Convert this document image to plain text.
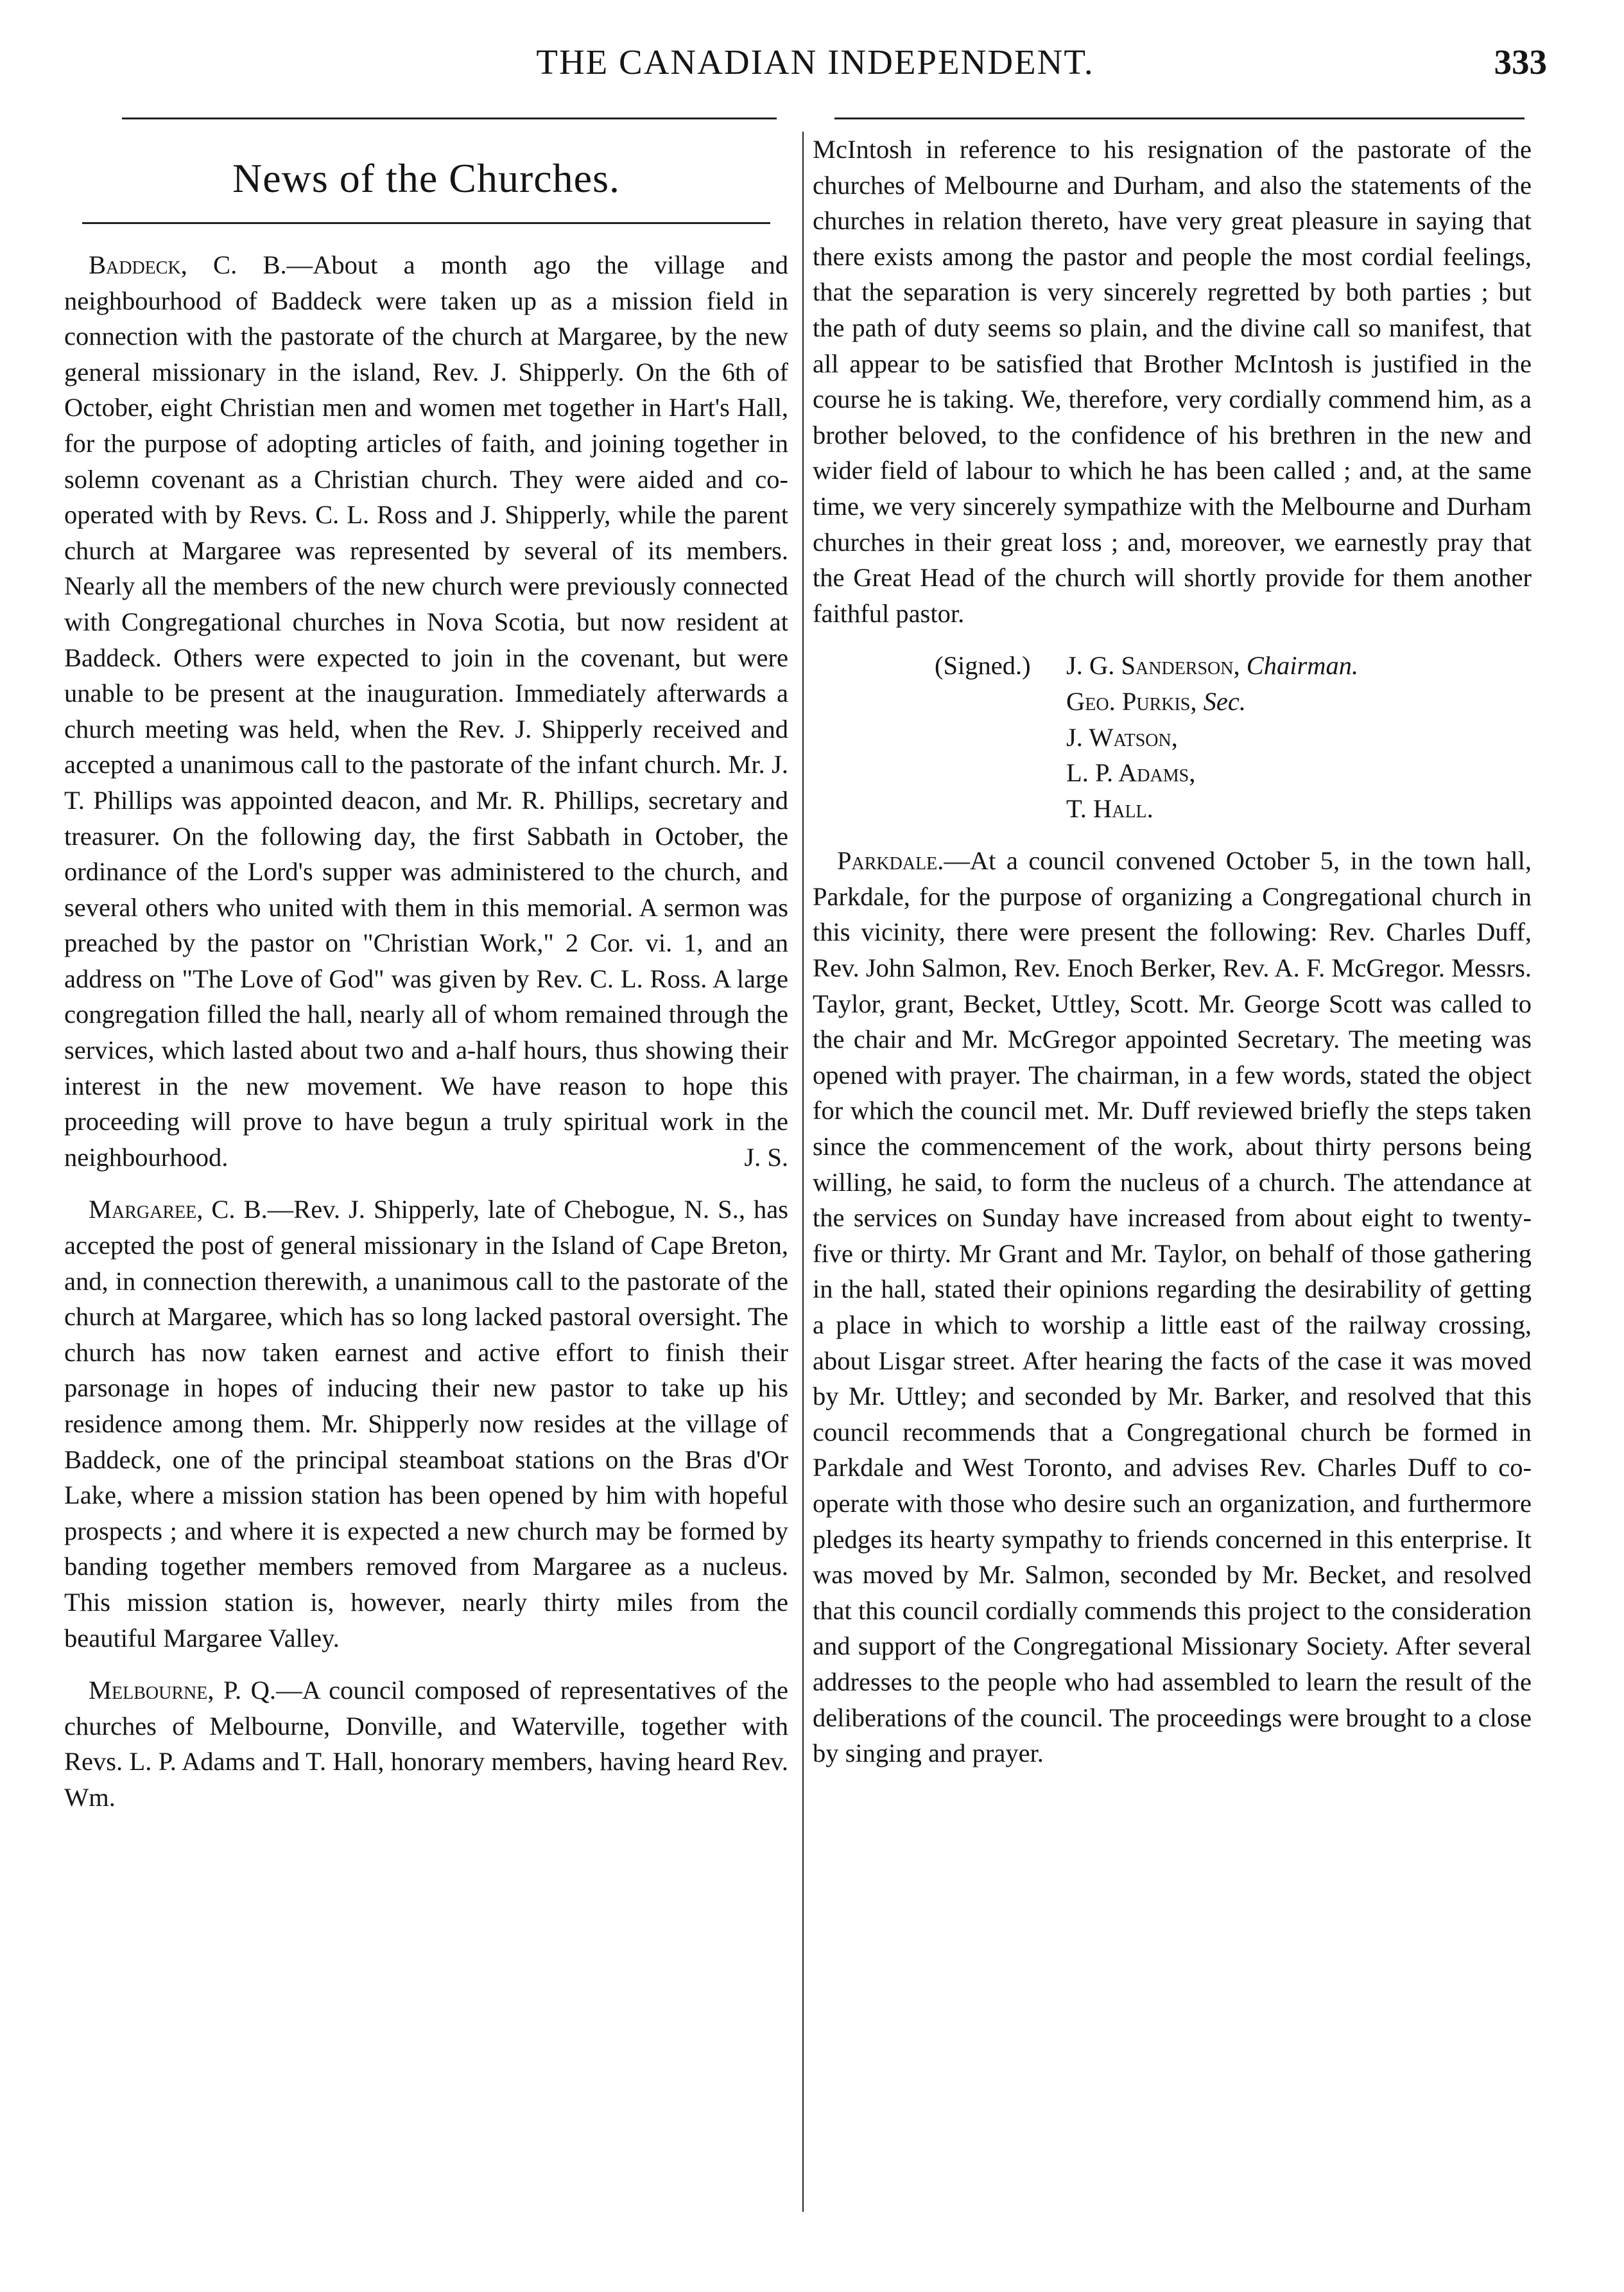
THE CANADIAN INDEPENDENT.	333
News of the Churches.

Baddeck, C. B.—About a month ago the village and neighbourhood of Baddeck were taken up as a mission field in connection with the pastorate of the church at Margaree, by the new general missionary in the island, Rev. J. Shipperly. On the 6th of October, eight Christian men and women met together in Hart's Hall, for the purpose of adopting articles of faith, and joining together in solemn covenant as a Christian church. They were aided and co-operated with by Revs. C. L. Ross and J. Shipperly, while the parent church at Margaree was represented by several of its members. Nearly all the members of the new church were previously connected with Congregational churches in Nova Scotia, but now resident at Baddeck. Others were expected to join in the covenant, but were unable to be present at the inauguration. Immediately afterwards a church meeting was held, when the Rev. J. Shipperly received and accepted a unanimous call to the pastorate of the infant church. Mr. J. T. Phillips was appointed deacon, and Mr. R. Phillips, secretary and treasurer. On the following day, the first Sabbath in October, the ordinance of the Lord's supper was administered to the church, and several others who united with them in this memorial. A sermon was preached by the pastor on "Christian Work," 2 Cor. vi. 1, and an address on "The Love of God" was given by Rev. C. L. Ross. A large congregation filled the hall, nearly all of whom remained through the services, which lasted about two and a-half hours, thus showing their interest in the new movement. We have reason to hope this proceeding will prove to have begun a truly spiritual work in the neighbourhood.	J. S.

Margaree, C. B.—Rev. J. Shipperly, late of Chebogue, N. S., has accepted the post of general missionary in the Island of Cape Breton, and, in connection therewith, a unanimous call to the pastorate of the church at Margaree, which has so long lacked pastoral oversight. The church has now taken earnest and active effort to finish their parsonage in hopes of inducing their new pastor to take up his residence among them. Mr. Shipperly now resides at the village of Baddeck, one of the principal steamboat stations on the Bras d'Or Lake, where a mission station has been opened by him with hopeful prospects ; and where it is expected a new church may be formed by banding together members removed from Margaree as a nucleus. This mission station is, however, nearly thirty miles from the beautiful Margaree Valley.

Melbourne, P. Q.—A council composed of representatives of the churches of Melbourne, Donville, and Waterville, together with Revs. L. P. Adams and T. Hall, honorary members, having heard Rev. Wm.

McIntosh in reference to his resignation of the pastorate of the churches of Melbourne and Durham, and also the statements of the churches in relation thereto, have very great pleasure in saying that there exists among the pastor and people the most cordial feelings, that the separation is very sincerely regretted by both parties ; but the path of duty seems so plain, and the divine call so manifest, that all appear to be satisfied that Brother McIntosh is justified in the course he is taking. We, therefore, very cordially commend him, as a brother beloved, to the confidence of his brethren in the new and wider field of labour to which he has been called ; and, at the same time, we very sincerely sympathize with the Melbourne and Durham churches in their great loss ; and, moreover, we earnestly pray that the Great Head of the church will shortly provide for them another faithful pastor.

(Signed.) J. G. Sanderson, Chairman.
Geo. Purkis, Sec.
J. Watson,
L. P. Adams,
T. Hall.

Parkdale.—At a council convened October 5, in the town hall, Parkdale, for the purpose of organizing a Congregational church in this vicinity, there were present the following: Rev. Charles Duff, Rev. John Salmon, Rev. Enoch Berker, Rev. A. F. McGregor. Messrs. Taylor, grant, Becket, Uttley, Scott. Mr. George Scott was called to the chair and Mr. McGregor appointed Secretary. The meeting was opened with prayer. The chairman, in a few words, stated the object for which the council met. Mr. Duff reviewed briefly the steps taken since the commencement of the work, about thirty persons being willing, he said, to form the nucleus of a church. The attendance at the services on Sunday have increased from about eight to twenty-five or thirty. Mr Grant and Mr. Taylor, on behalf of those gathering in the hall, stated their opinions regarding the desirability of getting a place in which to worship a little east of the railway crossing, about Lisgar street. After hearing the facts of the case it was moved by Mr. Uttley; and seconded by Mr. Barker, and resolved that this council recommends that a Congregational church be formed in Parkdale and West Toronto, and advises Rev. Charles Duff to co-operate with those who desire such an organization, and furthermore pledges its hearty sympathy to friends concerned in this enterprise. It was moved by Mr. Salmon, seconded by Mr. Becket, and resolved that this council cordially commends this project to the consideration and support of the Congregational Missionary Society. After several addresses to the people who had assembled to learn the result of the deliberations of the council. The proceedings were brought to a close by singing and prayer.
